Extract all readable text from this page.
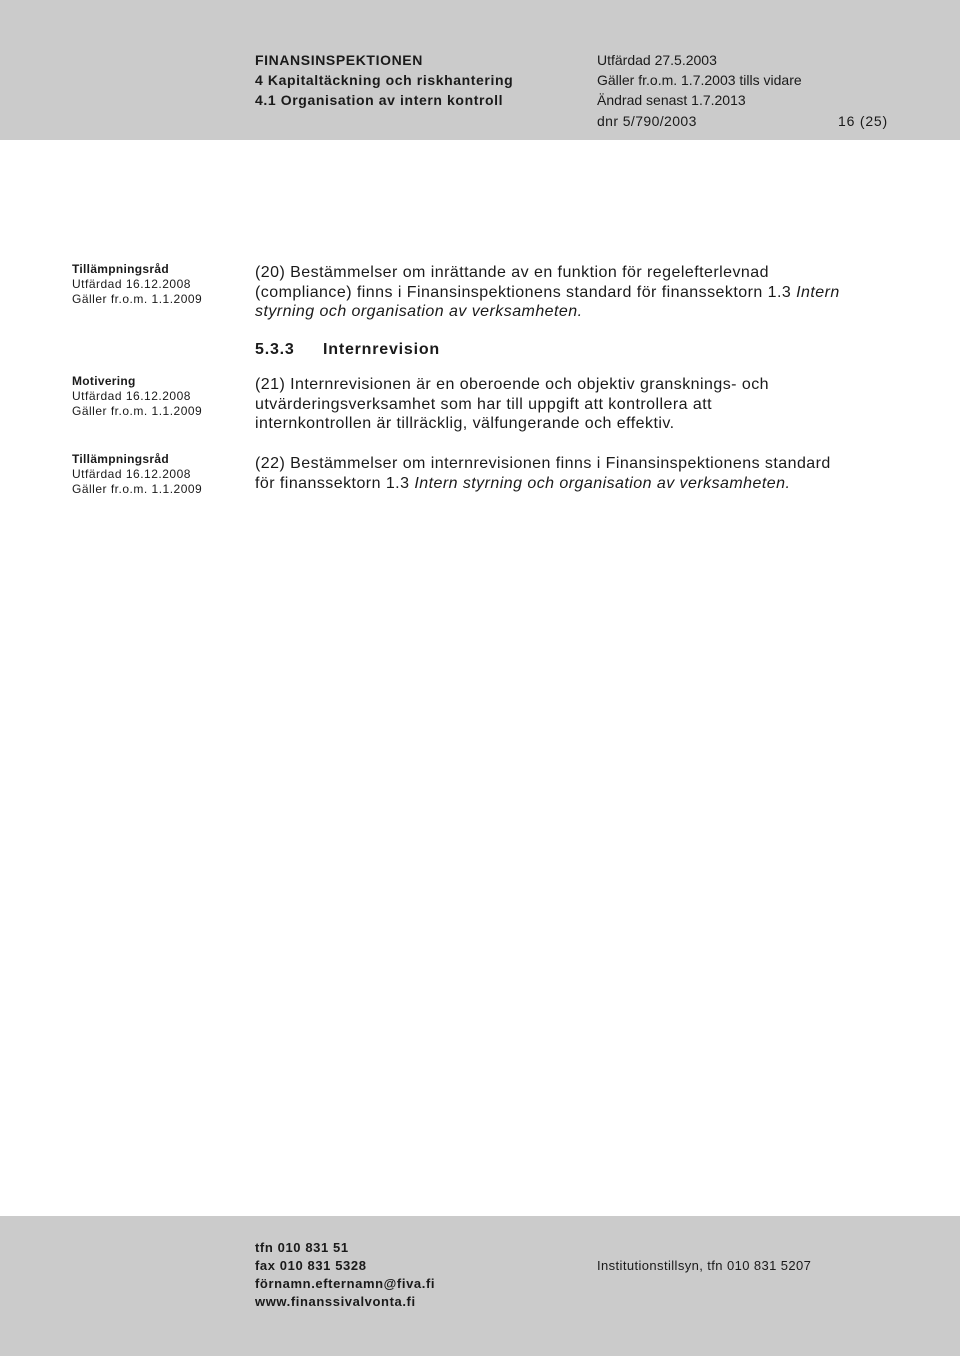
FINANSINSPEKTIONEN
4 Kapitaltäckning och riskhantering
4.1 Organisation av intern kontroll
Utfärdad 27.5.2003
Gäller fr.o.m. 1.7.2003 tills vidare
Ändrad senast 1.7.2013
dnr 5/790/2003	16 (25)
Tillämpningsråd
Utfärdad 16.12.2008
Gäller fr.o.m. 1.1.2009
(20) Bestämmelser om inrättande av en funktion för regelefterlevnad
(compliance) finns i Finansinspektionens standard för finanssektorn 1.3 Intern
styrning och organisation av verksamheten.
5.3.3 Internrevision
Motivering
Utfärdad 16.12.2008
Gäller fr.o.m. 1.1.2009
(21) Internrevisionen är en oberoende och objektiv gransknings- och
utvärderingsverksamhet som har till uppgift att kontrollera att
internkontrollen är tillräcklig, välfungerande och effektiv.
Tillämpningsråd
Utfärdad 16.12.2008
Gäller fr.o.m. 1.1.2009
(22) Bestämmelser om internrevisionen finns i Finansinspektionens standard
för finanssektorn 1.3 Intern styrning och organisation av verksamheten.
tfn 010 831 51
fax 010 831 5328
förnamn.efternamn@fiva.fi
www.finanssivalvonta.fi
Institutionstillsyn, tfn 010 831 5207
